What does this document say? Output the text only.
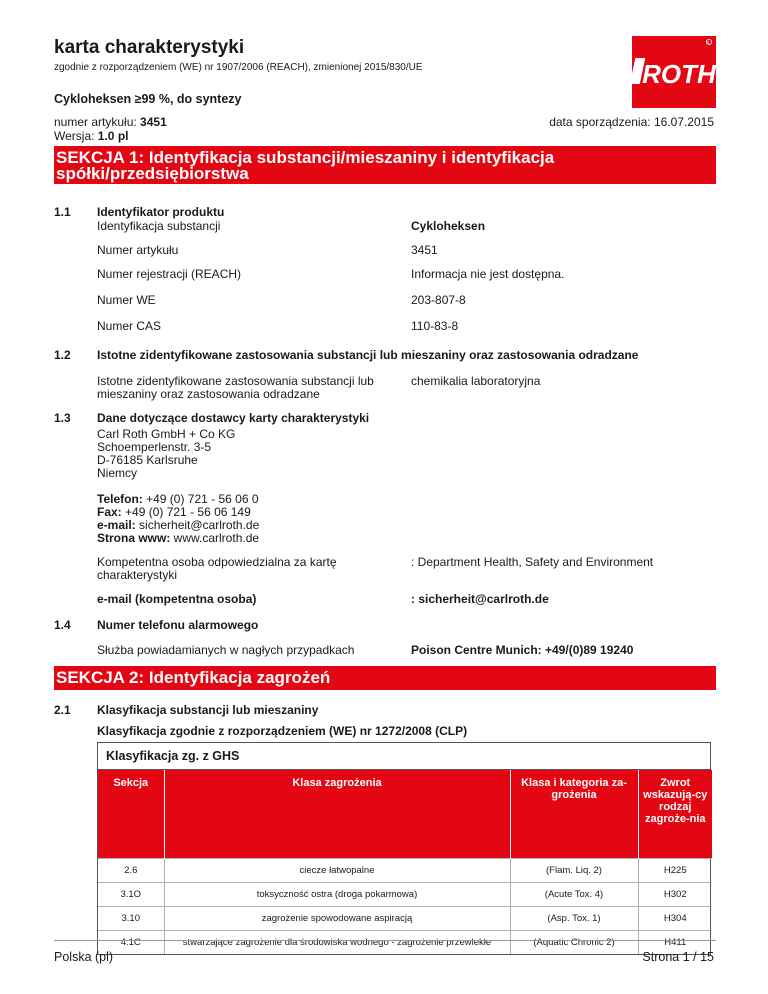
karta charakterystyki
zgodnie z rozporządzeniem (WE) nr 1907/2006 (REACH), zmienionej 2015/830/UE
R
ROTH
Cykloheksen ≥99 %, do syntezy
numer artykułu: 3451
Wersja: 1.0 pl
data sporządzenia: 16.07.2015
SEKCJA 1: Identyfikacja substancji/mieszaniny i identyfikacja spółki/przedsiębiorstwa
1.1 Identyfikator produktu
Identyfikacja substancji	Cykloheksen
Numer artykułu	3451
Numer rejestracji (REACH)	Informacja nie jest dostępna.
Numer WE	203-807-8
Numer CAS	110-83-8
1.2 Istotne zidentyfikowane zastosowania substancji lub mieszaniny oraz zastosowania odradzane
Istotne zidentyfikowane zastosowania substancji lub mieszaniny oraz zastosowania odradzane
chemikalia laboratoryjna
1.3 Dane dotyczące dostawcy karty charakterystyki
Carl Roth GmbH + Co KG
Schoemperlenstr. 3-5
D-76185 Karlsruhe
Niemcy
Telefon: +49 (0) 721 - 56 06 0
Fax: +49 (0) 721 - 56 06 149
e-mail: sicherheit@carlroth.de
Strona www: www.carlroth.de
Kompetentna osoba odpowiedzialna za kartę charakterystyki
: Department Health, Safety and Environment
e-mail (kompetentna osoba)	: sicherheit@carlroth.de
1.4 Numer telefonu alarmowego
Służba powiadamianych w nagłych przypadkach	Poison Centre Munich: +49/(0)89 19240
SEKCJA 2: Identyfikacja zagrożeń
2.1 Klasyfikacja substancji lub mieszaniny
Klasyfikacja zgodnie z rozporządzeniem (WE) nr 1272/2008 (CLP)
Klasyfikacja zg. z GHS
Sekcja	Klasa zagrożenia	Klasa i kategoria za-grożenia	Zwrot wskazują-cy rodzaj zagroże-nia
2.6	ciecze łatwopalne	(Flam. Liq. 2)	H225
3.1O	toksyczność ostra (droga pokarmowa)	(Acute Tox. 4)	H302
3.10	zagrożenie spowodowane aspiracją	(Asp. Tox. 1)	H304
4.1C	stwarzające zagrożenie dla środowiska wodnego - zagrożenie przewlekłe	(Aquatic Chronic 2)	H411
Polska (pl)	Strona 1 / 15
